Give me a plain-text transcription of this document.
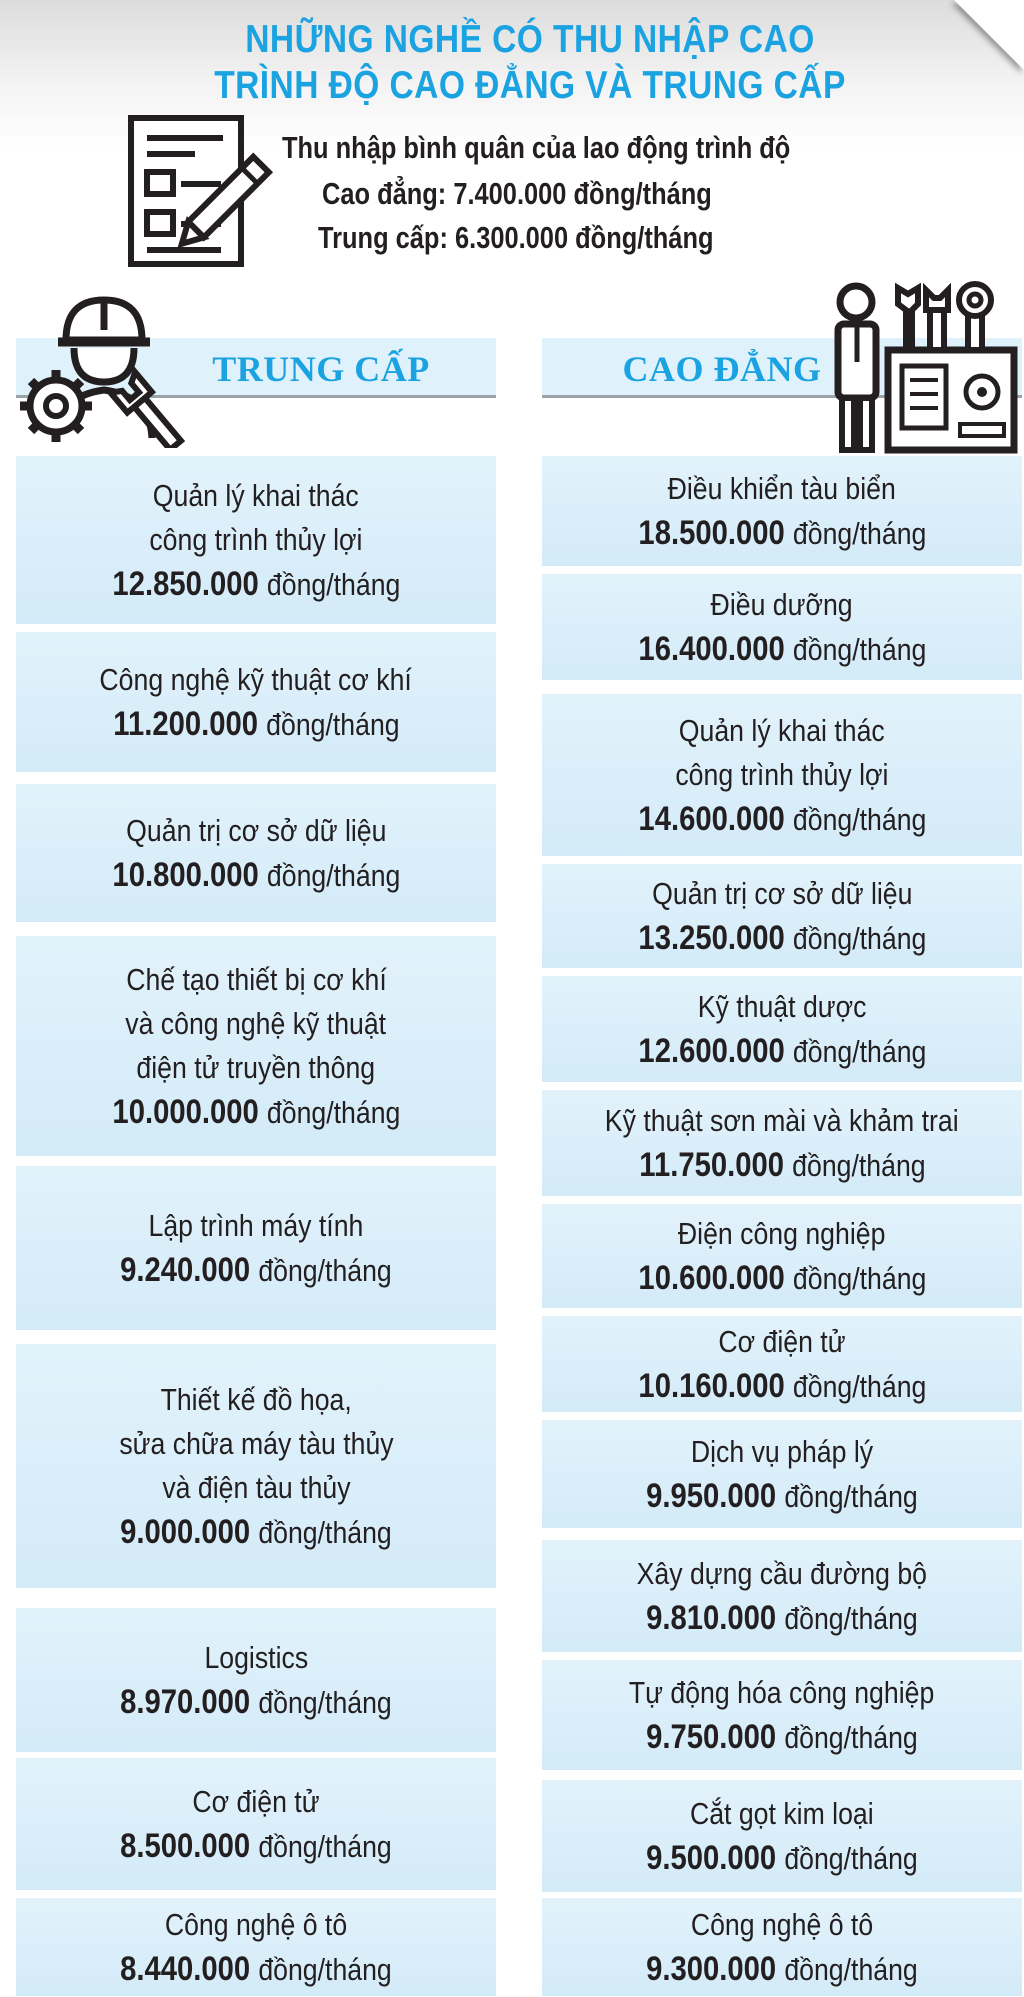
NHỮNG NGHỀ CÓ THU NHẬP CAO
TRÌNH ĐỘ CAO ĐẲNG VÀ TRUNG CẤP
Thu nhập bình quân của lao động trình độ
Cao đẳng: 7.400.000 đồng/tháng
Trung cấp: 6.300.000 đồng/tháng
TRUNG CẤP	CAO ĐẲNG
Quản lý khai thác
công trình thủy lợi
12.850.000 đồng/tháng
Công nghệ kỹ thuật cơ khí
11.200.000 đồng/tháng
Quản trị cơ sở dữ liệu
10.800.000 đồng/tháng
Chế tạo thiết bị cơ khí
và công nghệ kỹ thuật
điện tử truyền thông
10.000.000 đồng/tháng
Lập trình máy tính
9.240.000 đồng/tháng
Thiết kế đồ họa,
sửa chữa máy tàu thủy
và điện tàu thủy
9.000.000 đồng/tháng
Logistics
8.970.000 đồng/tháng
Cơ điện tử
8.500.000 đồng/tháng
Công nghệ ô tô
8.440.000 đồng/tháng
Điều khiển tàu biển
18.500.000 đồng/tháng
Điều dưỡng
16.400.000 đồng/tháng
Quản lý khai thác
công trình thủy lợi
14.600.000 đồng/tháng
Quản trị cơ sở dữ liệu
13.250.000 đồng/tháng
Kỹ thuật dược
12.600.000 đồng/tháng
Kỹ thuật sơn mài và khảm trai
11.750.000 đồng/tháng
Điện công nghiệp
10.600.000 đồng/tháng
Cơ điện tử
10.160.000 đồng/tháng
Dịch vụ pháp lý
9.950.000 đồng/tháng
Xây dựng cầu đường bộ
9.810.000 đồng/tháng
Tự động hóa công nghiệp
9.750.000 đồng/tháng
Cắt gọt kim loại
9.500.000 đồng/tháng
Công nghệ ô tô
9.300.000 đồng/tháng
